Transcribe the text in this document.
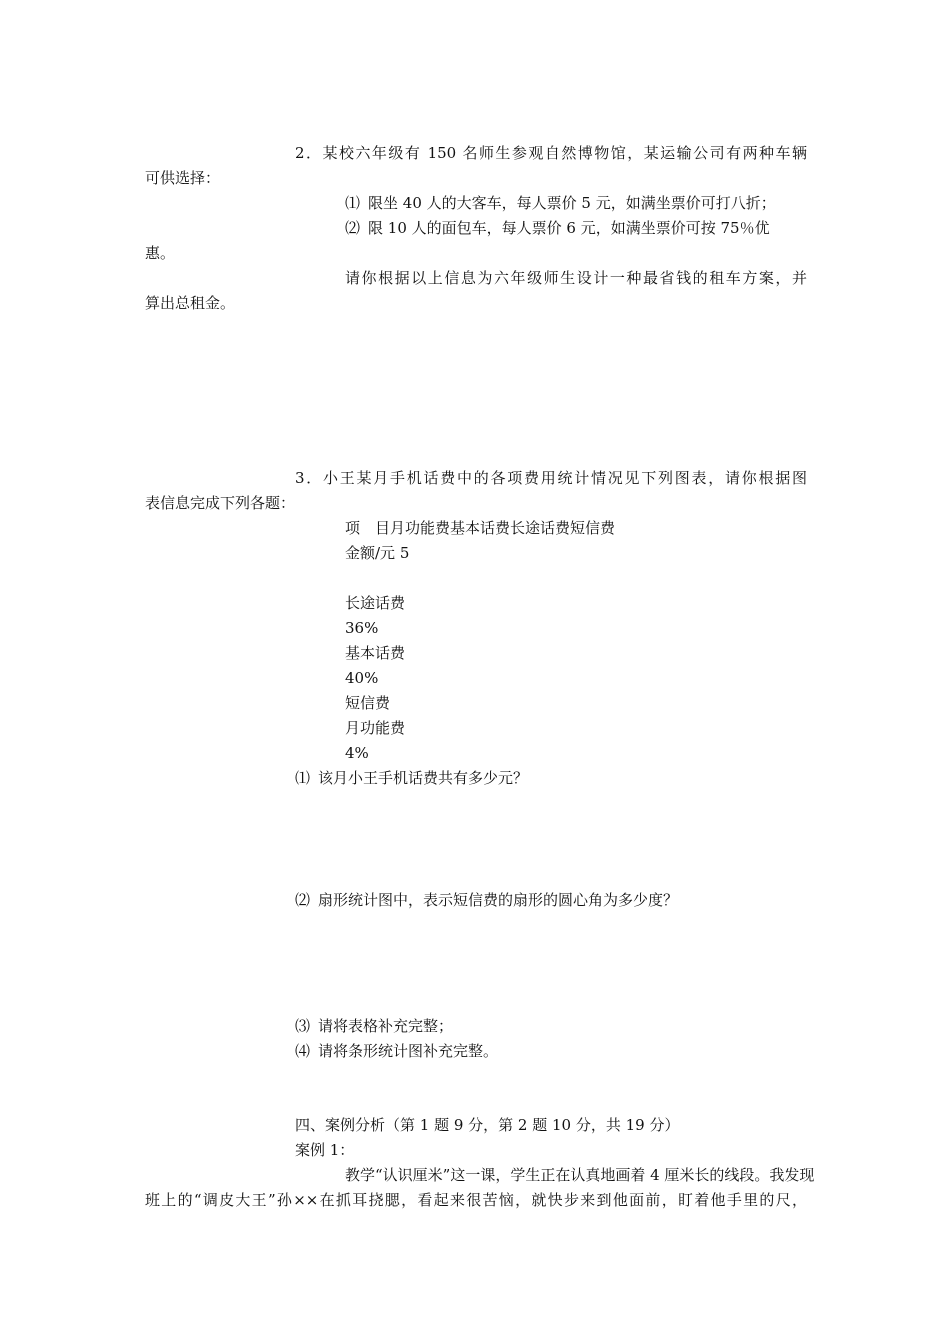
2．某校六年级有 150 名师生参观自然博物馆，某运输公司有两种车辆
可供选择：
⑴ 限坐 40 人的大客车，每人票价 5 元，如满坐票价可打八折；
⑵ 限 10 人的面包车，每人票价 6 元，如满坐票价可按 75％优
惠。
请你根据以上信息为六年级师生设计一种最省钱的租车方案，并
算出总租金。
3．小王某月手机话费中的各项费用统计情况见下列图表，请你根据图
表信息完成下列各题：
项　目月功能费基本话费长途话费短信费
金额/元 5
长途话费
36%
基本话费
40%
短信费
月功能费
4%
⑴ 该月小王手机话费共有多少元？
⑵ 扇形统计图中，表示短信费的扇形的圆心角为多少度？
⑶ 请将表格补充完整；
⑷ 请将条形统计图补充完整。
四、案例分析（第 1 题 9 分，第 2 题 10 分，共 19 分）
案例 1：
教学“认识厘米”这一课，学生正在认真地画着 4 厘米长的线段。我发现
班上的“调皮大王”孙××在抓耳挠腮，看起来很苦恼，就快步来到他面前，盯着他手里的尺，
